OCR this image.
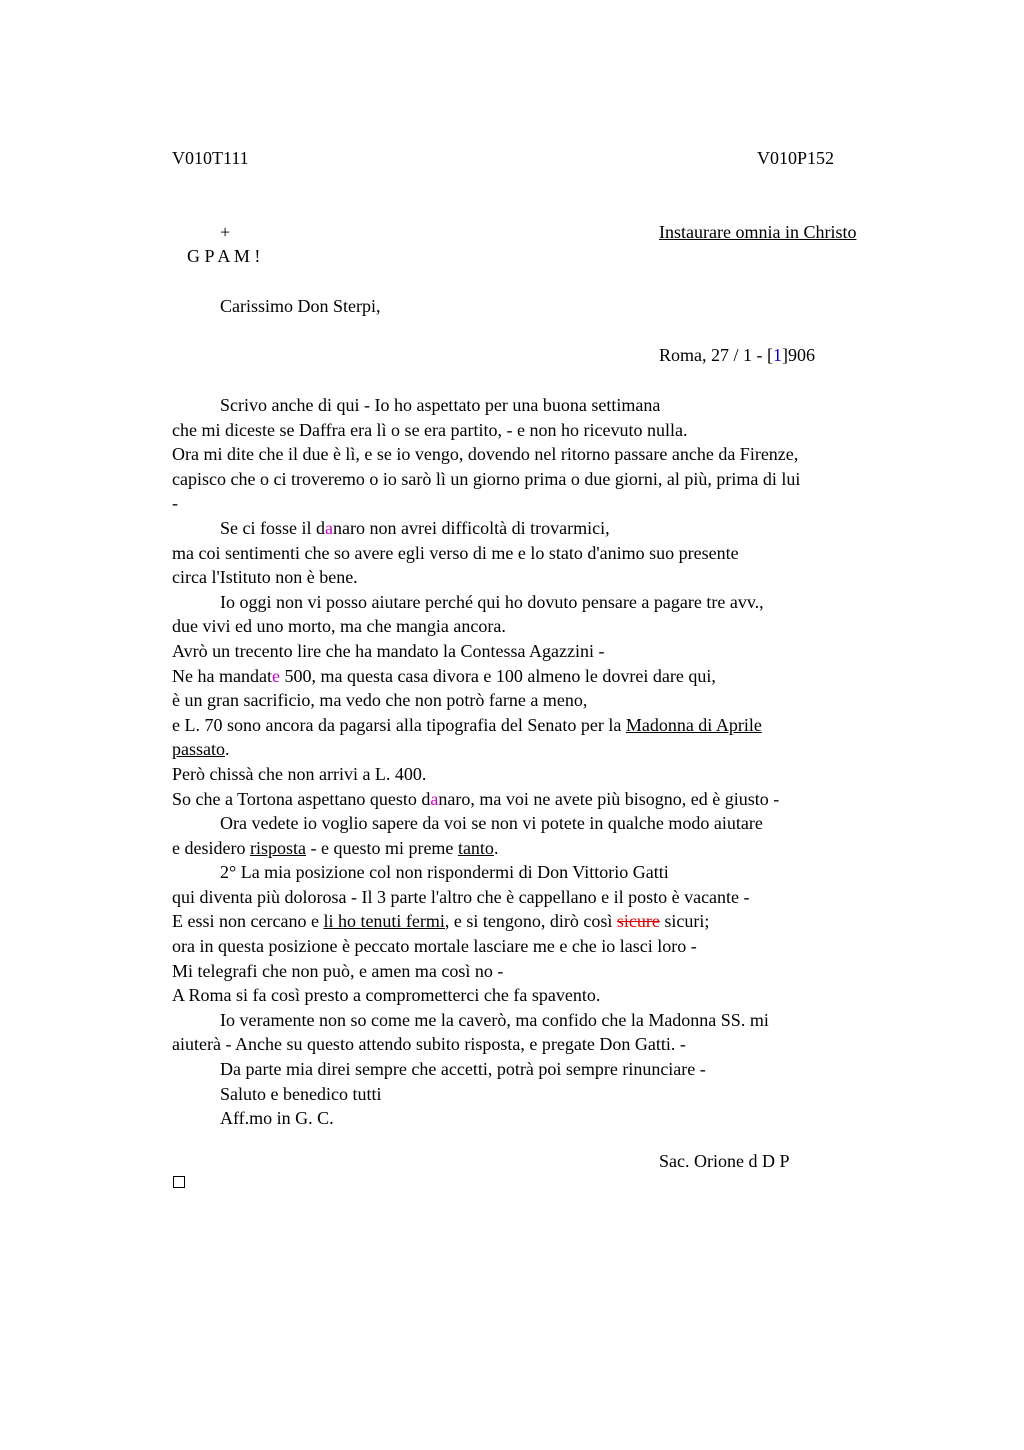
V010T111	V010P152
+	Instaurare omnia in Christo
G P A M !
Carissimo Don Sterpi,
Roma, 27 / 1 - [1]906
Scrivo anche di qui - Io ho aspettato per una buona settimana
che mi diceste se Daffra era lì o se era partito, - e non ho ricevuto nulla.
Ora mi dite che il due è lì, e se io vengo, dovendo nel ritorno passare anche da Firenze,
capisco che o ci troveremo o io sarò lì un giorno prima o due giorni, al più, prima di lui
-
Se ci fosse il danaro non avrei difficoltà di trovarmici,
ma coi sentimenti che so avere egli verso di me e lo stato d'animo suo presente
circa l'Istituto non è bene.
Io oggi non vi posso aiutare perché qui ho dovuto pensare a pagare tre avv.,
due vivi ed uno morto, ma che mangia ancora.
Avrò un trecento lire che ha mandato la Contessa Agazzini -
Ne ha mandate 500, ma questa casa divora e 100 almeno le dovrei dare qui,
è un gran sacrificio, ma vedo che non potrò farne a meno,
e L. 70 sono ancora da pagarsi alla tipografia del Senato per la Madonna di Aprile
passato.
Però chissà che non arrivi a L. 400.
So che a Tortona aspettano questo danaro, ma voi ne avete più bisogno, ed è giusto -
Ora vedete io voglio sapere da voi se non vi potete in qualche modo aiutare
e desidero risposta - e questo mi preme tanto.
2° La mia posizione col non rispondermi di Don Vittorio Gatti
qui diventa più dolorosa - Il 3 parte l'altro che è cappellano e il posto è vacante -
E essi non cercano e li ho tenuti fermi, e si tengono, dirò così sicure sicuri;
ora in questa posizione è peccato mortale lasciare me e che io lasci loro -
Mi telegrafi che non può, e amen ma così no -
A Roma si fa così presto a comprometterci che fa spavento.
Io veramente non so come me la caverò, ma confido che la Madonna SS. mi
aiuterà - Anche su questo attendo subito risposta, e pregate Don Gatti. -
Da parte mia direi sempre che accetti, potrà poi sempre rinunciare -
Saluto e benedico tutti
Aff.mo in G. C.
Sac. Orione d D P
